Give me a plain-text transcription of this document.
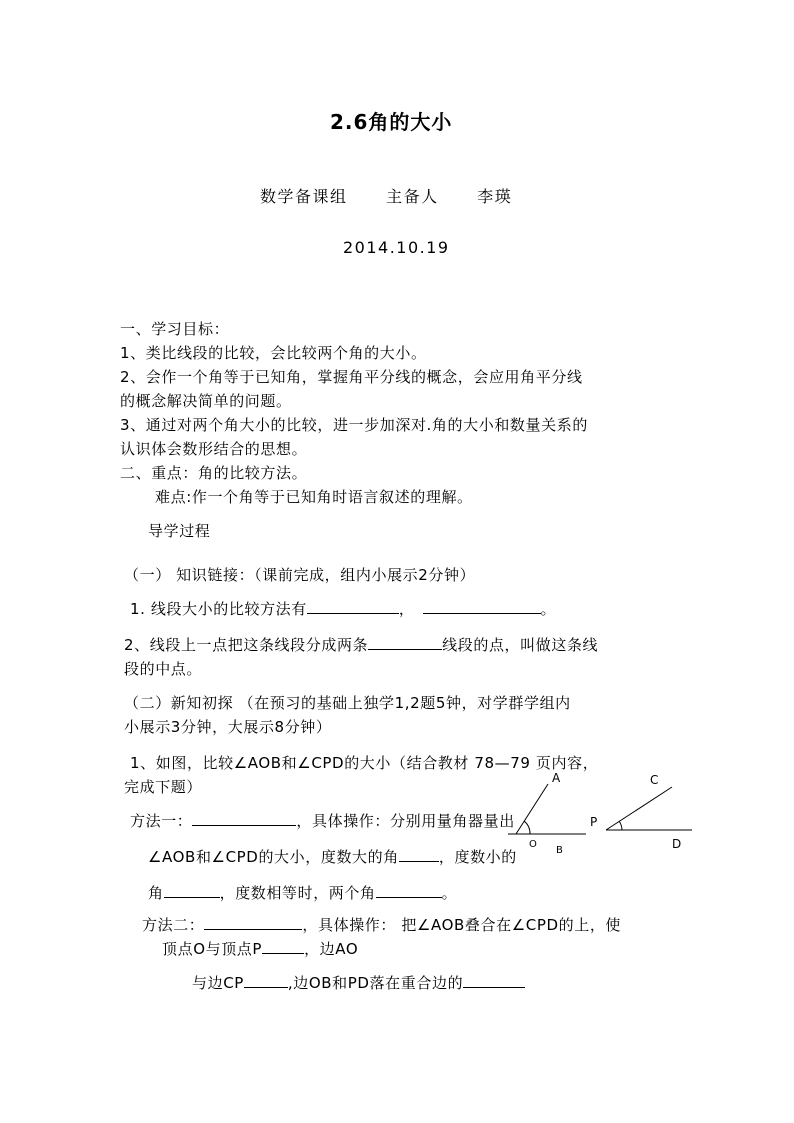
2.6角的大小
数学备课组 主备人 李瑛
2014.10.19
一、学习目标：
1、类比线段的比较，会比较两个角的大小。
2、会作一个角等于已知角，掌握角平分线的概念，会应用角平分线
的概念解决简单的问题。
3、通过对两个角大小的比较，进一步加深对.角的大小和数量关系的
认识体会数形结合的思想。
二、重点：角的比较方法。
难点:作一个角等于已知角时语言叙述的理解。
导学过程
（一） 知识链接：（课前完成，组内小展示2分钟）
1. 线段大小的比较方法有	，	。
2、线段上一点把这条线段分成两条	线段的点，叫做这条线
段的中点。
（二）新知初探 （在预习的基础上独学1,2题5钟，对学群学组内
小展示3分钟，大展示8分钟）
1、如图，比较∠AOB和∠CPD的大小（结合教材 78—79 页内容，
完成下题）
方法一：	，具体操作：分别用量角器量出
∠AOB和∠CPD的大小，度数大的角	，度数小的
角	，度数相等时，两个角	。
方法二：	，具体操作： 把∠AOB叠合在∠CPD的上，使
顶点O与顶点P	，边AO
与边CP	,边OB和PD落在重合边的
A	C
P
D
O
B
